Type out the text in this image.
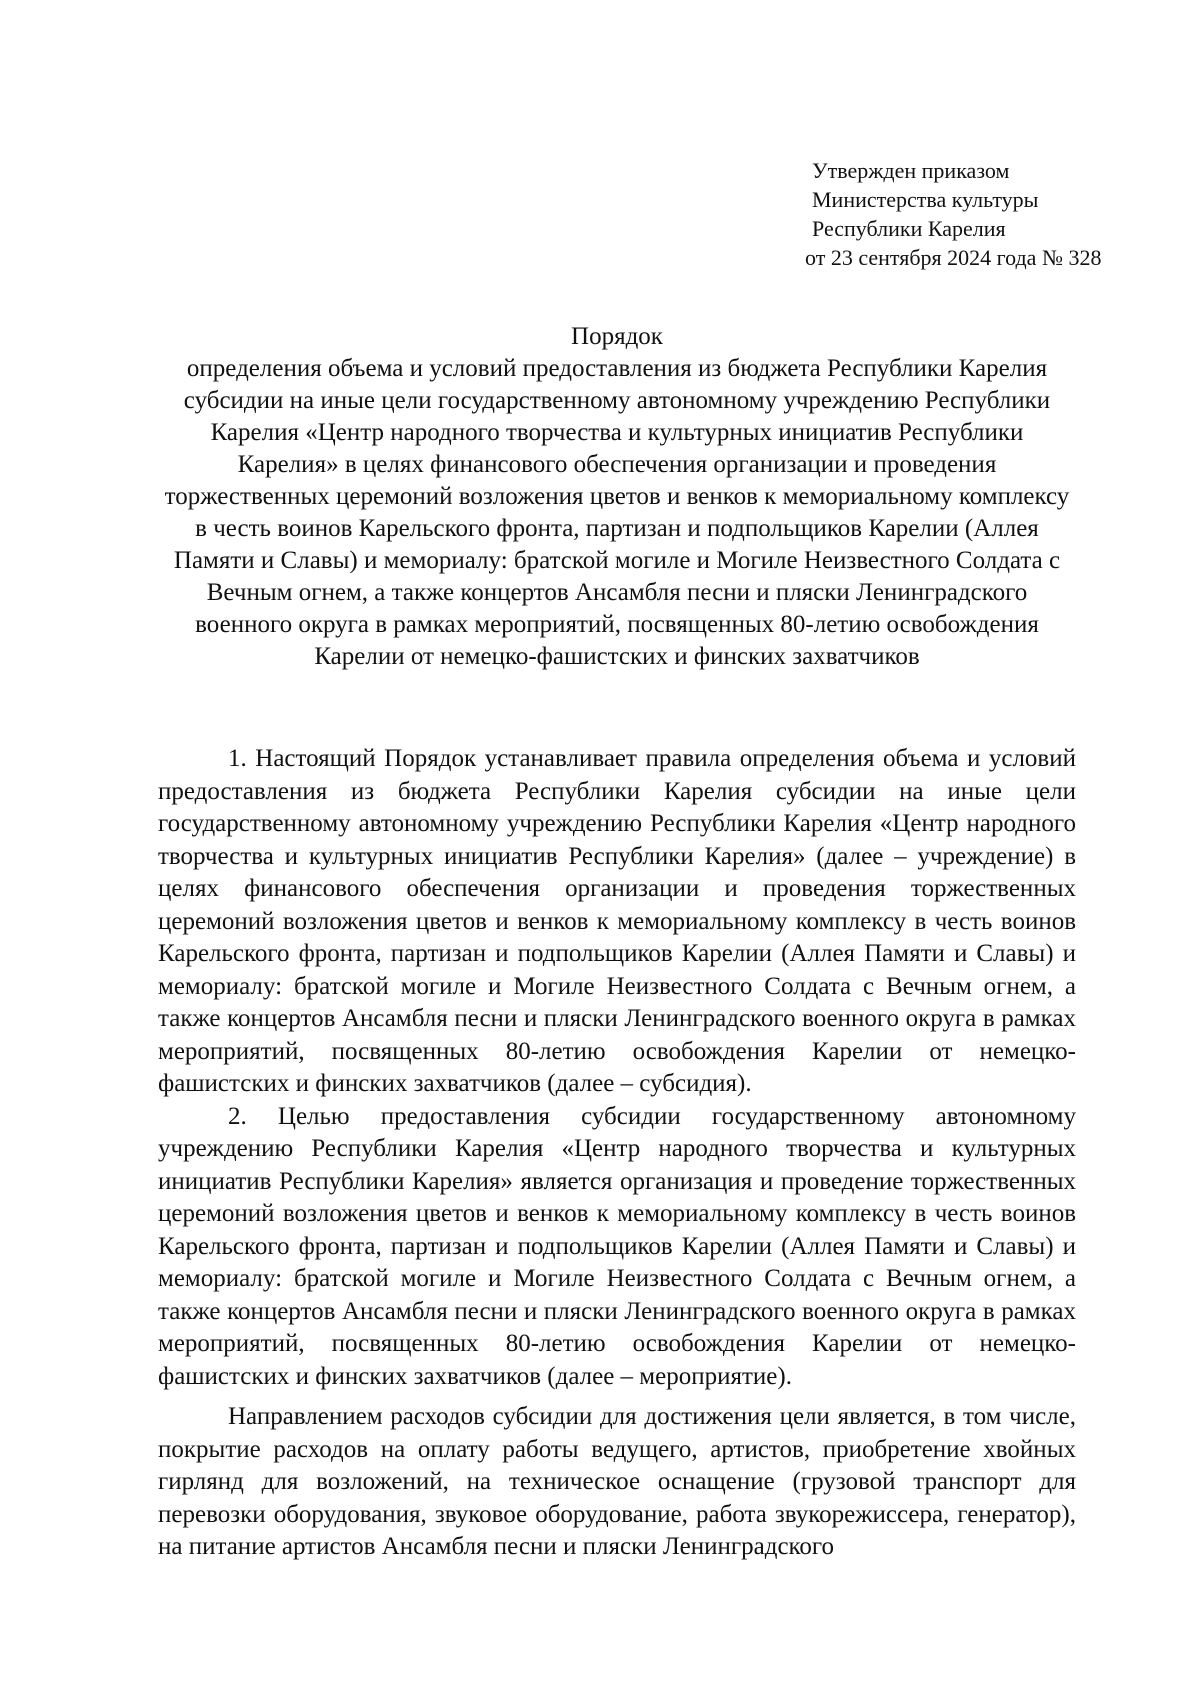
Утвержден приказом
Министерства культуры
Республики Карелия
от 23 сентября 2024 года № 328
Порядок
определения объема и условий предоставления из бюджета Республики Карелия субсидии на иные цели государственному автономному учреждению Республики Карелия «Центр народного творчества и культурных инициатив Республики Карелия» в целях финансового обеспечения организации и проведения торжественных церемоний возложения цветов и венков к мемориальному комплексу в честь воинов Карельского фронта, партизан и подпольщиков Карелии (Аллея Памяти и Славы) и мемориалу: братской могиле и Могиле Неизвестного Солдата с Вечным огнем, а также концертов Ансамбля песни и пляски Ленинградского военного округа в рамках мероприятий, посвященных 80-летию освобождения Карелии от немецко-фашистских и финских захватчиков

1. Настоящий Порядок устанавливает правила определения объема и условий предоставления из бюджета Республики Карелия субсидии на иные цели государственному автономному учреждению Республики Карелия «Центр народного творчества и культурных инициатив Республики Карелия» (далее – учреждение) в целях финансового обеспечения организации и проведения торжественных церемоний возложения цветов и венков к мемориальному комплексу в честь воинов Карельского фронта, партизан и подпольщиков Карелии (Аллея Памяти и Славы) и мемориалу: братской могиле и Могиле Неизвестного Солдата с Вечным огнем, а также концертов Ансамбля песни и пляски Ленинградского военного округа в рамках мероприятий, посвященных 80-летию освобождения Карелии от немецко-фашистских и финских захватчиков (далее – субсидия).

2. Целью предоставления субсидии государственному автономному учреждению Республики Карелия «Центр народного творчества и культурных инициатив Республики Карелия» является организация и проведение торжественных церемоний возложения цветов и венков к мемориальному комплексу в честь воинов Карельского фронта, партизан и подпольщиков Карелии (Аллея Памяти и Славы) и мемориалу: братской могиле и Могиле Неизвестного Солдата с Вечным огнем, а также концертов Ансамбля песни и пляски Ленинградского военного округа в рамках мероприятий, посвященных 80-летию освобождения Карелии от немецко-фашистских и финских захватчиков (далее – мероприятие).

Направлением расходов субсидии для достижения цели является, в том числе, покрытие расходов на оплату работы ведущего, артистов, приобретение хвойных гирлянд для возложений, на техническое оснащение (грузовой транспорт для перевозки оборудования, звуковое оборудование, работа звукорежиссера, генератор), на питание артистов Ансамбля песни и пляски Ленинградского
